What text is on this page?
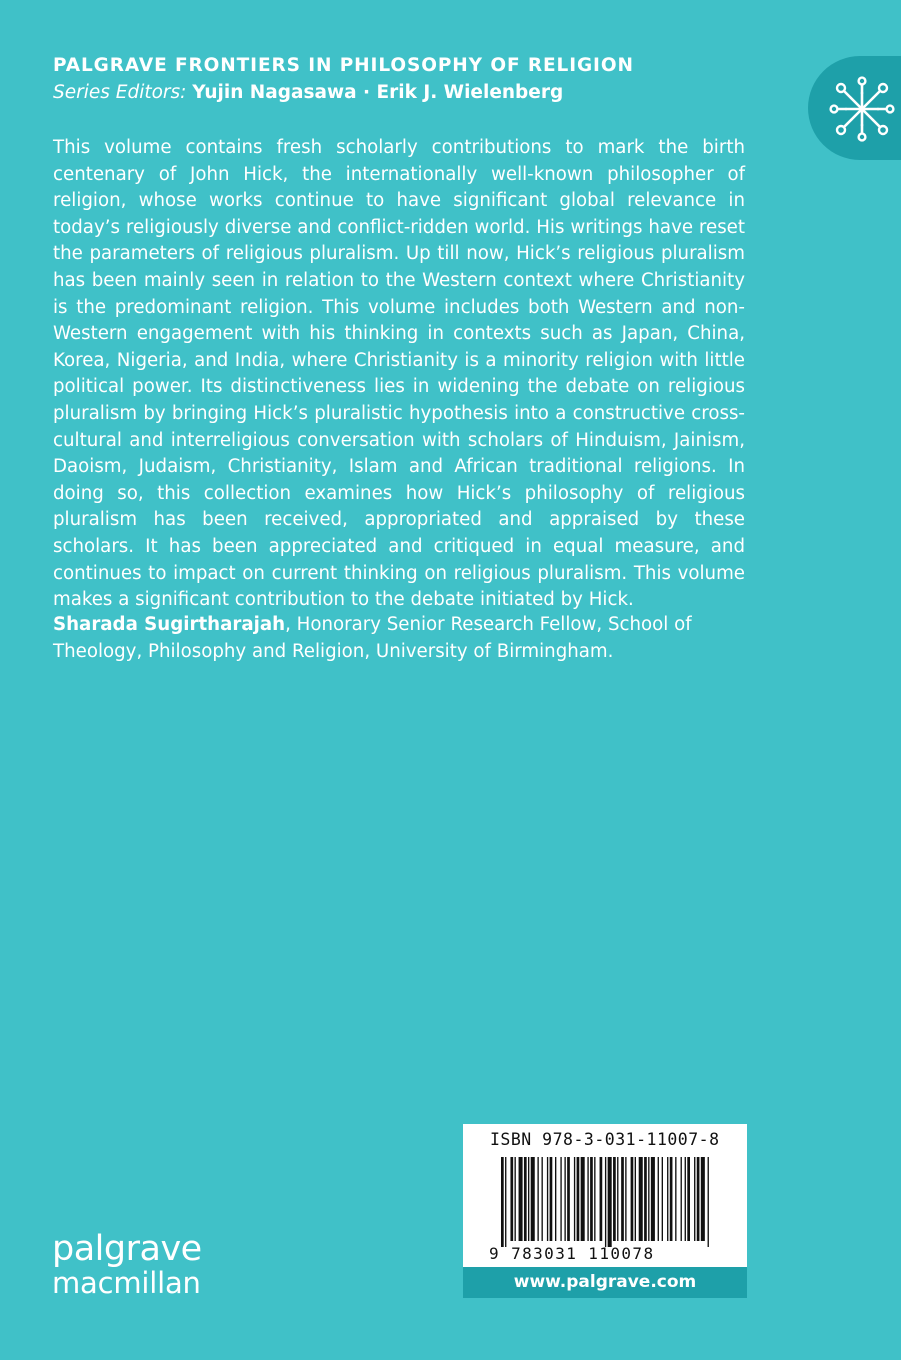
PALGRAVE FRONTIERS IN PHILOSOPHY OF RELIGION
Series Editors: Yujin Nagasawa · Erik J. Wielenberg

This volume contains fresh scholarly contributions to mark the birth centenary of John Hick, the internationally well-known philosopher of religion, whose works continue to have significant global relevance in today’s religiously diverse and conflict-ridden world. His writings have reset the parameters of religious pluralism. Up till now, Hick’s religious pluralism has been mainly seen in relation to the Western context where Christianity is the predominant religion. This volume includes both Western and non-Western engagement with his thinking in contexts such as Japan, China, Korea, Nigeria, and India, where Christianity is a minority religion with little political power. Its distinctiveness lies in widening the debate on religious pluralism by bringing Hick’s pluralistic hypothesis into a constructive cross-cultural and interreligious conversation with scholars of Hinduism, Jainism, Daoism, Judaism, Christianity, Islam and African traditional religions. In doing so, this collection examines how Hick’s philosophy of religious pluralism has been received, appropriated and appraised by these scholars. It has been appreciated and critiqued in equal measure, and continues to impact on current thinking on religious pluralism. This volume makes a significant contribution to the debate initiated by Hick.

Sharada Sugirtharajah, Honorary Senior Research Fellow, School of Theology, Philosophy and Religion, University of Birmingham.

palgrave
macmillan
ISBN 978-3-031-11007-8
9 783031 110078
www.palgrave.com
